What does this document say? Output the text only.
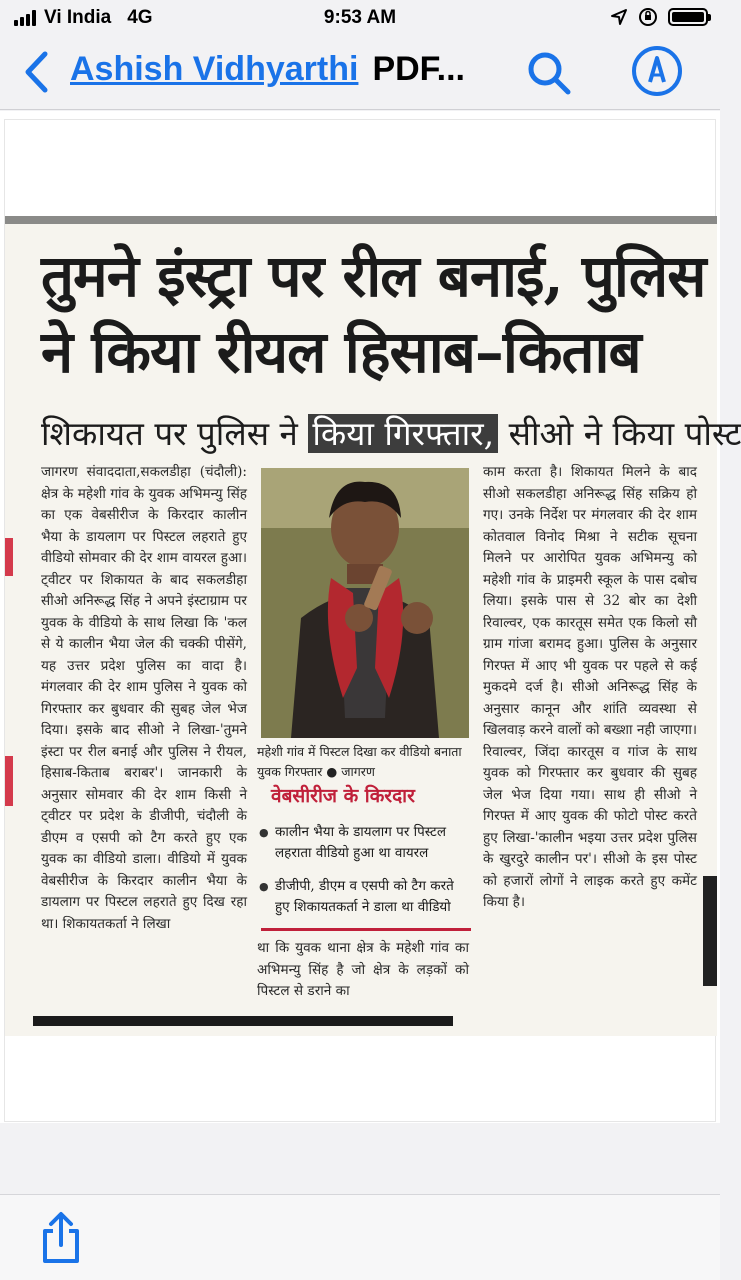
Vi India 4G	9:53 AM
Ashish Vidhyarthi PDF...
तुमने इंस्ट्रा पर रील बनाई, पुलिस
ने किया रीयल हिसाब–किताब
शिकायत पर पुलिस ने किया गिरफ्तार, सीओ ने किया पोस्ट
जागरण संवाददाता,सकलडीहा (चंदौली): क्षेत्र के महेशी गांव के युवक अभिमन्यु सिंह का एक वेबसीरीज के किरदार कालीन भैया के डायलाग पर पिस्टल लहराते हुए वीडियो सोमवार की देर शाम वायरल हुआ। ट्वीटर पर शिकायत के बाद सकलडीहा सीओ अनिरूद्ध सिंह ने अपने इंस्टाग्राम पर युवक के वीडियो के साथ लिखा कि 'कल से ये कालीन भैया जेल की चक्की पीसेंगे, यह उत्तर प्रदेश पुलिस का वादा है। मंगलवार की देर शाम पुलिस ने युवक को गिरफ्तार कर बुधवार की सुबह जेल भेज दिया। इसके बाद सीओ ने लिखा-'तुमने इंस्टा पर रील बनाई और पुलिस ने रीयल, हिसाब-किताब बराबर'। जानकारी के अनुसार सोमवार की देर शाम किसी ने ट्वीटर पर प्रदेश के डीजीपी, चंदौली के डीएम व एसपी को टैग करते हुए एक युवक का वीडियो डाला। वीडियो में युवक वेबसीरीज के किरदार कालीन भैया के डायलाग पर पिस्टल लहराते हुए दिख रहा था। शिकायतकर्ता ने लिखा
महेशी गांव में पिस्टल दिखा कर वीडियो बनाता युवक गिरफ्तार ● जागरण
वेबसीरीज के किरदार
● कालीन भैया के डायलाग पर पिस्टल लहराता वीडियो हुआ था वायरल
● डीजीपी, डीएम व एसपी को टैग करते हुए शिकायतकर्ता ने डाला था वीडियो
था कि युवक थाना क्षेत्र के महेशी गांव का अभिमन्यु सिंह है जो क्षेत्र के लड़कों को पिस्टल से डराने का
काम करता है। शिकायत मिलने के बाद सीओ सकलडीहा अनिरूद्ध सिंह सक्रिय हो गए। उनके निर्देश पर मंगलवार की देर शाम कोतवाल विनोद मिश्रा ने सटीक सूचना मिलने पर आरोपित युवक अभिमन्यु को महेशी गांव के प्राइमरी स्कूल के पास दबोच लिया। इसके पास से 32 बोर का देशी रिवाल्वर, एक कारतूस समेत एक किलो सौ ग्राम गांजा बरामद हुआ। पुलिस के अनुसार गिरफ्त में आए भी युवक पर पहले से कई मुकदमे दर्ज है। सीओ अनिरूद्ध सिंह के अनुसार कानून और शांति व्यवस्था से खिलवाड़ करने वालों को बख्शा नही जाएगा। रिवाल्वर, जिंदा कारतूस व गांज के साथ युवक को गिरफ्तार कर बुधवार की सुबह जेल भेज दिया गया। साथ ही सीओ ने गिरफ्त में आए युवक की फोटो पोस्ट करते हुए लिखा-'कालीन भइया उत्तर प्रदेश पुलिस के खुरदुरे कालीन पर'। सीओ के इस पोस्ट को हजारों लोगों ने लाइक करते हुए कमेंट किया है।
